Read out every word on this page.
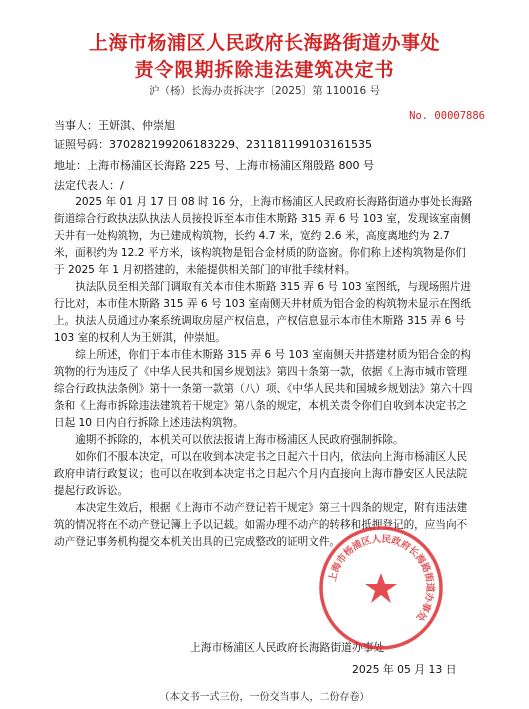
上海市杨浦区人民政府长海路街道办事处
责令限期拆除违法建筑决定书
沪（杨）长海办责拆决字〔2025〕第 110016 号
No. 00007886
当事人：王妍淇、仲崇旭
证照号码：370282199206183229、231181199103161535
地址：上海市杨浦区长海路 225 号、上海市杨浦区翔殷路 800 号
法定代表人：/

2025 年 01 月 17 日 08 时 16 分，上海市杨浦区人民政府长海路街道办事处长海路街道综合行政执法队执法人员接投诉至本市佳木斯路 315 弄 6 号 103 室，发现该室南侧天井有一处构筑物，为已建成构筑物，长约 4.7 米，宽约 2.6 米，高度离地约为 2.7 米，面积约为 12.2 平方米，该构筑物是铝合金材质的防盗窗。你们称上述构筑物是你们于 2025 年 1 月初搭建的，未能提供相关部门的审批手续材料。

执法队员至相关部门调取有关本市佳木斯路 315 弄 6 号 103 室图纸，与现场照片进行比对，本市佳木斯路 315 弄 6 号 103 室南侧天井材质为铝合金的构筑物未显示在图纸上。执法人员通过办案系统调取房屋产权信息，产权信息显示本市佳木斯路 315 弄 6 号 103 室的权利人为王妍淇，仲崇旭。

综上所述，你们于本市佳木斯路 315 弄 6 号 103 室南侧天井搭建材质为铝合金的构筑物的行为违反了《中华人民共和国乡规划法》第四十条第一款，依据《上海市城市管理综合行政执法条例》第十一条第一款第（八）项、《中华人民共和国城乡规划法》第六十四条和《上海市拆除违法建筑若干规定》第八条的规定，本机关责令你们自收到本决定书之日起 10 日内自行拆除上述违法构筑物。

逾期不拆除的，本机关可以依法报请上海市杨浦区人民政府强制拆除。

如你们不服本决定，可以在收到本决定书之日起六十日内，依法向上海市杨浦区人民政府申请行政复议；也可以在收到本决定书之日起六个月内直接向上海市静安区人民法院提起行政诉讼。

本决定生效后，根据《上海市不动产登记若干规定》第三十四条的规定，附有违法建筑的情况将在不动产登记簿上予以记载。如需办理不动产的转移和抵押登记的，应当向不动产登记事务机构提交本机关出具的已完成整改的证明文件。

上海市杨浦区人民政府长海路街道办事处
2025 年 05 月 13 日
（本文书一式三份，一份交当事人，二份存卷）
上海市杨浦区人民政府长海路街道办事处
